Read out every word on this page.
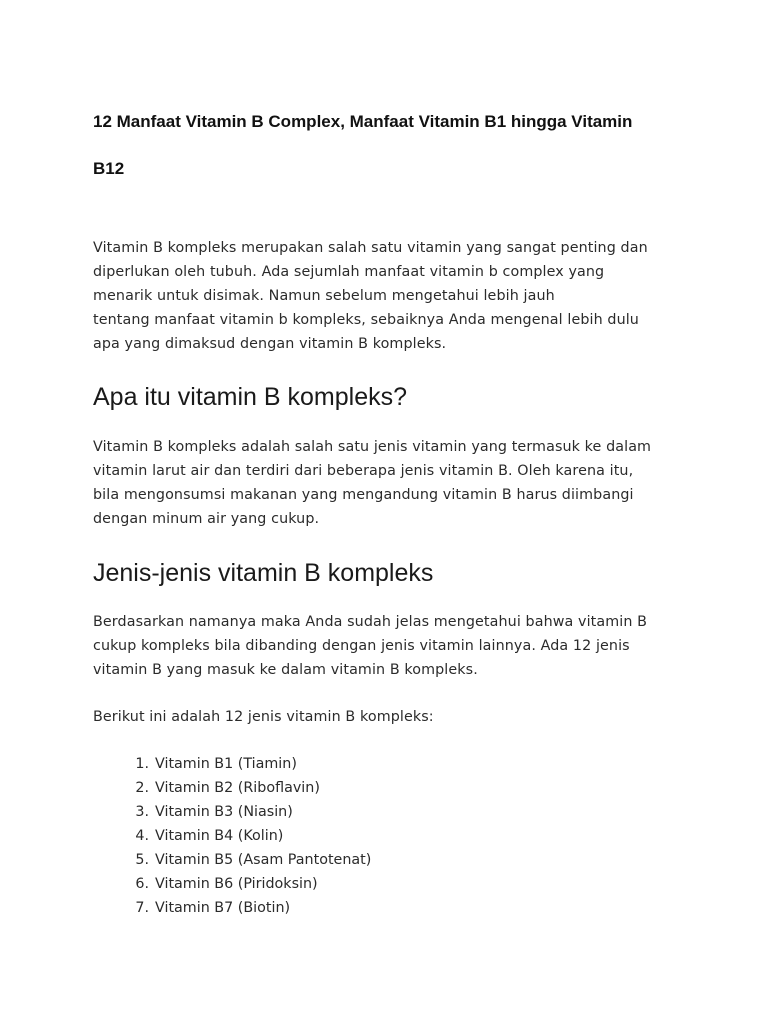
12 Manfaat Vitamin B Complex, Manfaat Vitamin B1 hingga Vitamin
B12

Vitamin B kompleks merupakan salah satu vitamin yang sangat penting dan
diperlukan oleh tubuh. Ada sejumlah manfaat vitamin b complex yang
menarik untuk disimak. Namun sebelum mengetahui lebih jauh
tentang manfaat vitamin b kompleks, sebaiknya Anda mengenal lebih dulu
apa yang dimaksud dengan vitamin B kompleks.

Apa itu vitamin B kompleks?

Vitamin B kompleks adalah salah satu jenis vitamin yang termasuk ke dalam
vitamin larut air dan terdiri dari beberapa jenis vitamin B. Oleh karena itu,
bila mengonsumsi makanan yang mengandung vitamin B harus diimbangi
dengan minum air yang cukup.

Jenis-jenis vitamin B kompleks

Berdasarkan namanya maka Anda sudah jelas mengetahui bahwa vitamin B
cukup kompleks bila dibanding dengan jenis vitamin lainnya. Ada 12 jenis
vitamin B yang masuk ke dalam vitamin B kompleks.

Berikut ini adalah 12 jenis vitamin B kompleks:

1. Vitamin B1 (Tiamin)
2. Vitamin B2 (Riboflavin)
3. Vitamin B3 (Niasin)
4. Vitamin B4 (Kolin)
5. Vitamin B5 (Asam Pantotenat)
6. Vitamin B6 (Piridoksin)
7. Vitamin B7 (Biotin)
